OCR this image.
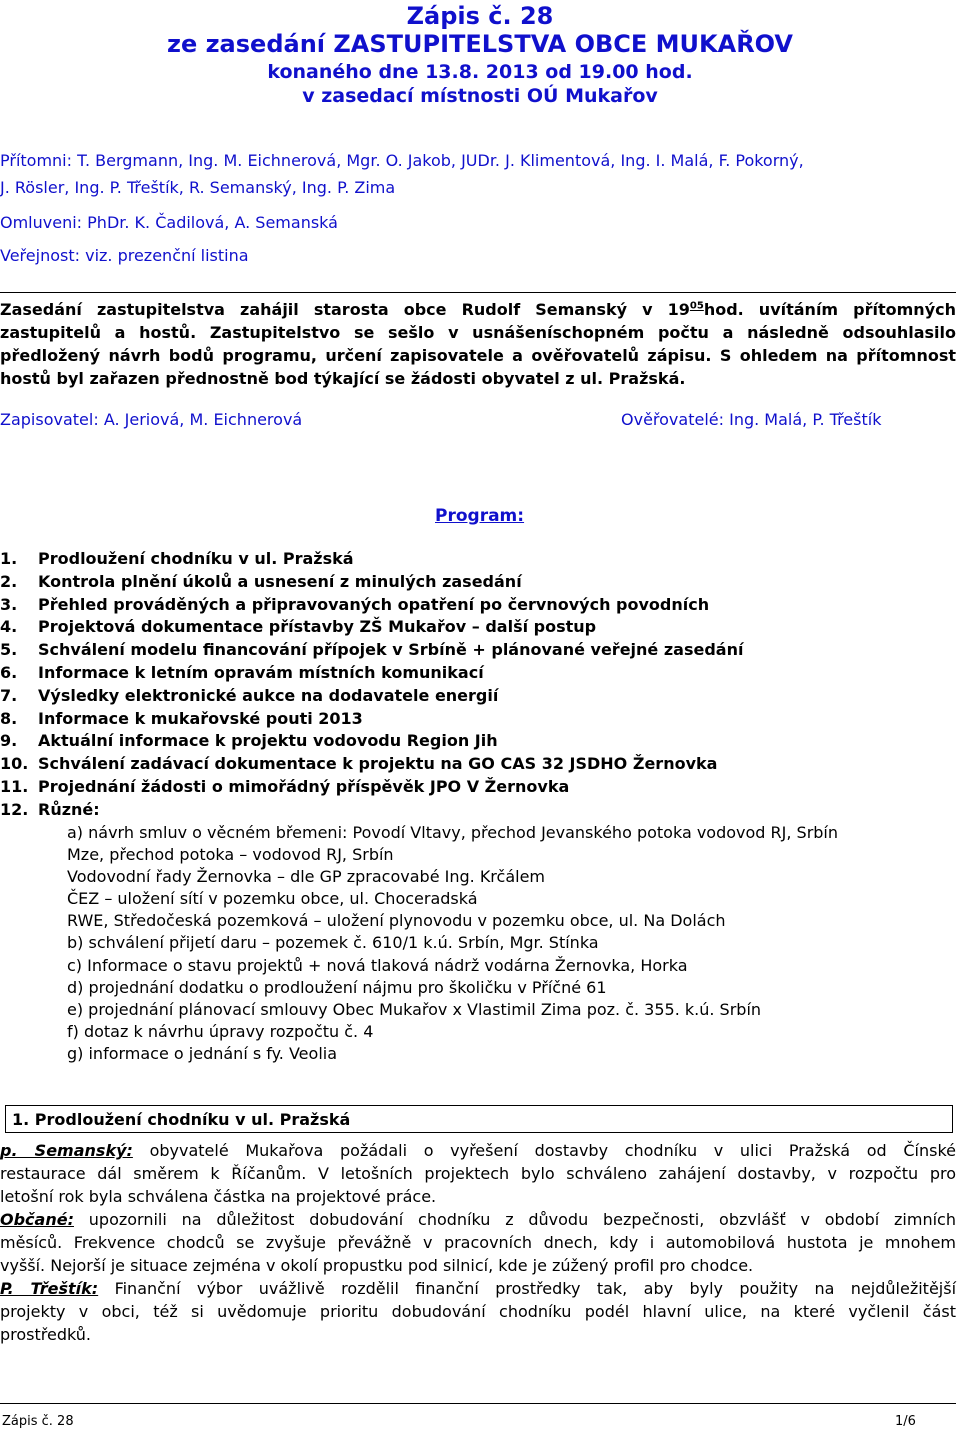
Zápis č. 28
ze zasedání ZASTUPITELSTVA OBCE MUKAŘOV
konaného dne 13.8. 2013 od 19.00 hod.
v zasedací místnosti OÚ Mukařov
Přítomni: T. Bergmann, Ing. M. Eichnerová, Mgr. O. Jakob, JUDr. J. Klimentová, Ing. I. Malá, F. Pokorný,
J. Rösler, Ing. P. Třeštík, R. Semanský, Ing. P. Zima
Omluveni: PhDr. K. Čadilová, A. Semanská
Veřejnost: viz. prezenční listina
Zasedání zastupitelstva zahájil starosta obce Rudolf Semanský v $19^{05}hod$. uvítáním přítomných
zastupitelů a hostů. Zastupitelstvo se sešlo v usnášeníschopném počtu a následně odsouhlasilo
předložený návrh bodů programu, určení zapisovatele a ověřovatelů zápisu. S ohledem na přítomnost
hostů byl zařazen přednostně bod týkající se žádosti obyvatel z ul. Pražská.
Zapisovatel: A. Jeriová, M. Eichnerová	Ověřovatelé: Ing. Malá, P. Třeštík
Program:
1. Prodloužení chodníku v ul. Pražská
2. Kontrola plnění úkolů a usnesení z minulých zasedání
3. Přehled prováděných a připravovaných opatření po červnových povodních
4. Projektová dokumentace přístavby ZŠ Mukařov – další postup
5. Schválení modelu financování přípojek v Srbíně + plánované veřejné zasedání
6. Informace k letním opravám místních komunikací
7. Výsledky elektronické aukce na dodavatele energií
8. Informace k mukařovské pouti 2013
9. Aktuální informace k projektu vodovodu Region Jih
10. Schválení zadávací dokumentace k projektu na GO CAS 32 JSDHO Žernovka
11. Projednání žádosti o mimořádný příspěvěk JPO V Žernovka
12. Různé:
a) návrh smluv o věcném břemeni: Povodí Vltavy, přechod Jevanského potoka vodovod RJ, Srbín
Mze, přechod potoka – vodovod RJ, Srbín
Vodovodní řady Žernovka – dle GP zpracovabé Ing. Krčálem
ČEZ – uložení sítí v pozemku obce, ul. Choceradská
RWE, Středočeská pozemková – uložení plynovodu v pozemku obce, ul. Na Dolách
b) schválení přijetí daru – pozemek č. 610/1 k.ú. Srbín, Mgr. Stínka
c) Informace o stavu projektů + nová tlaková nádrž vodárna Žernovka, Horka
d) projednání dodatku o prodloužení nájmu pro školičku v Příčné 61
e) projednání plánovací smlouvy Obec Mukařov x Vlastimil Zima poz. č. 355. k.ú. Srbín
f) dotaz k návrhu úpravy rozpočtu č. 4
g) informace o jednání s fy. Veolia
1. Prodloužení chodníku v ul. Pražská
p. Semanský: obyvatelé Mukařova požádali o vyřešení dostavby chodníku v ulici Pražská od Čínské
restaurace dál směrem k Říčanům. V letošních projektech bylo schváleno zahájení dostavby, v rozpočtu pro
letošní rok byla schválena částka na projektové práce.
Občané: upozornili na důležitost dobudování chodníku z důvodu bezpečnosti, obzvlášť v období zimních
měsíců. Frekvence chodců se zvyšuje převážně v pracovních dnech, kdy i automobilová hustota je mnohem
vyšší. Nejorší je situace zejména v okolí propustku pod silnicí, kde je zúžený profil pro chodce.
P. Třeštík: Finanční výbor uvážlivě rozdělil finanční prostředky tak, aby byly použity na nejdůležitější
projekty v obci, též si uvědomuje prioritu dobudování chodníku podél hlavní ulice, na které vyčlenil část
prostředků.
Zápis č. 28	1/6
